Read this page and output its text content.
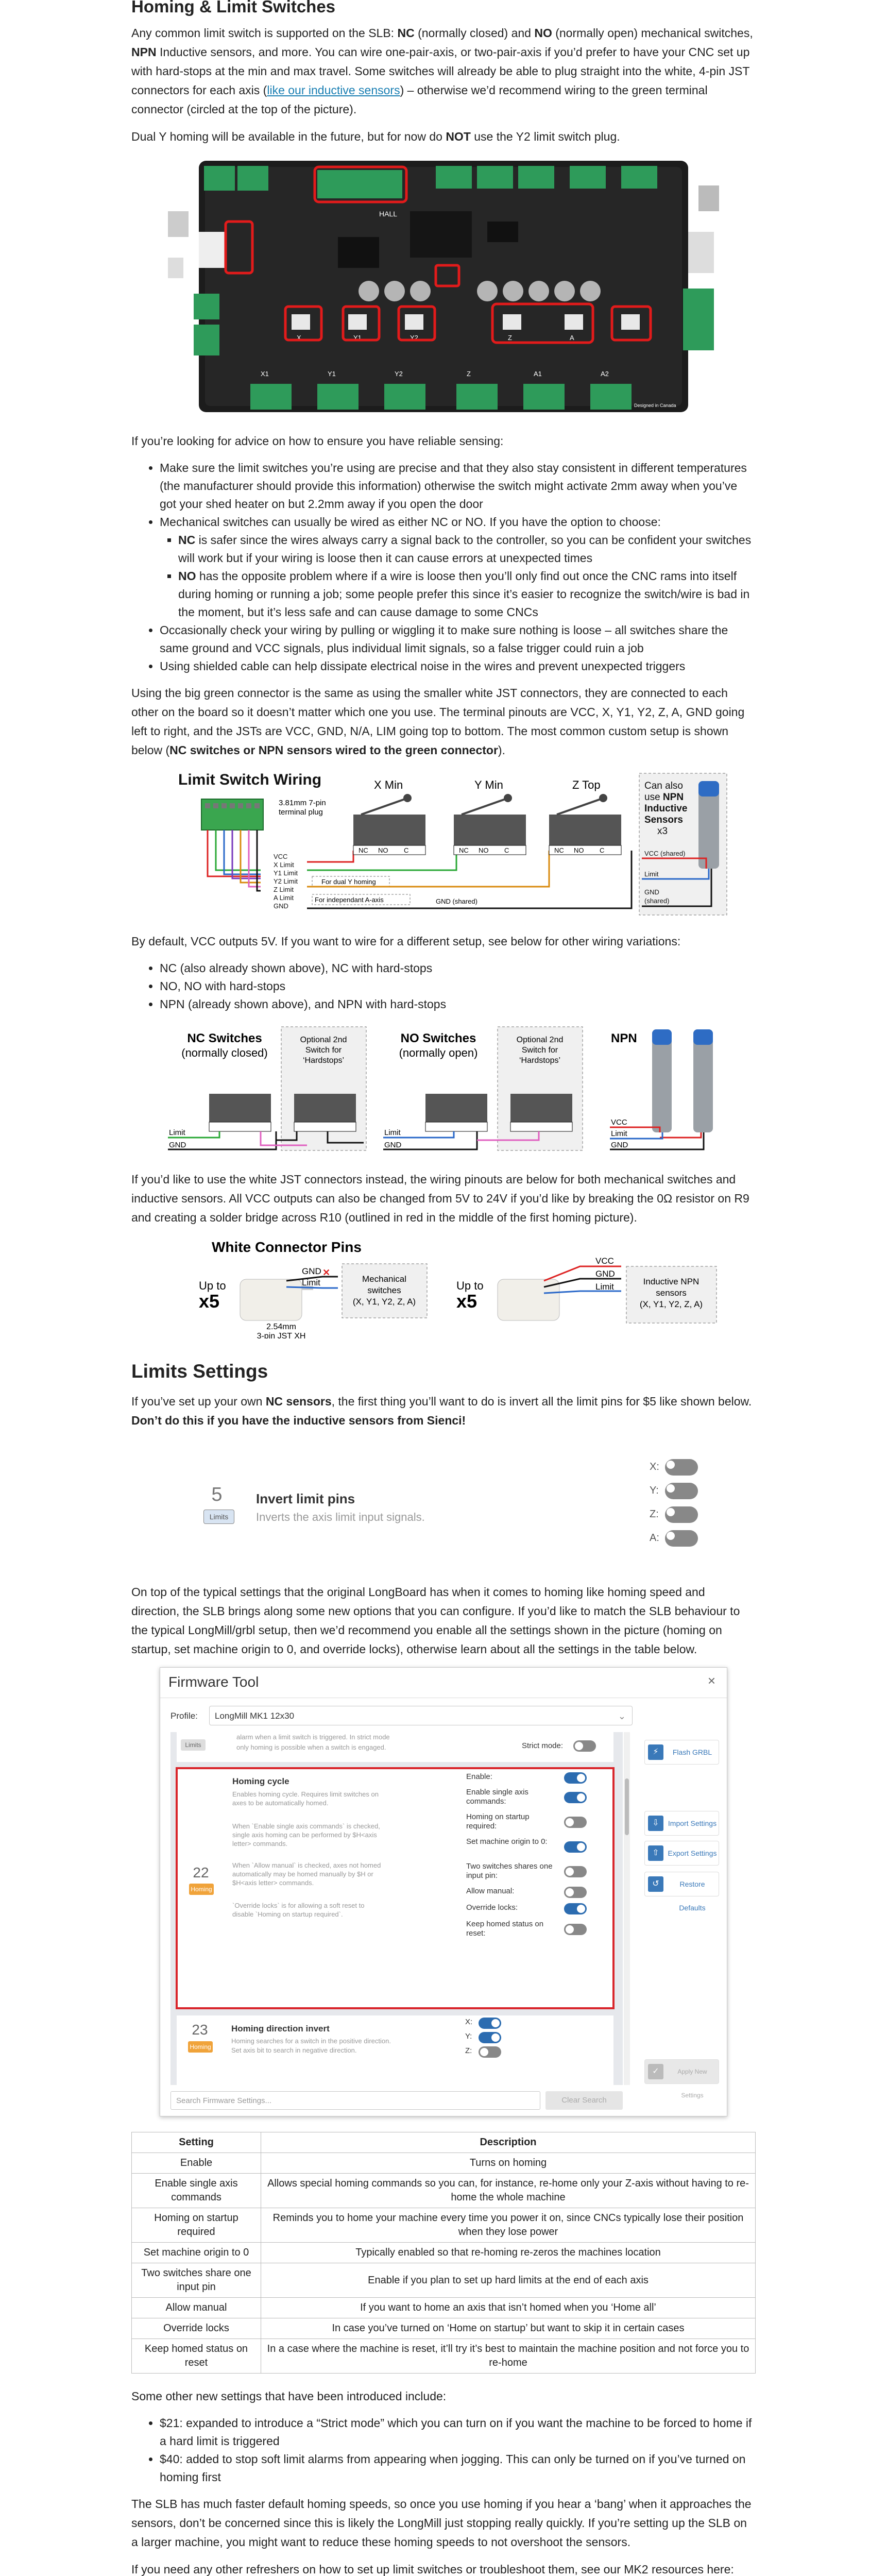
Homing & Limit Switches

Any common limit switch is supported on the SLB: NC (normally closed) and NO (normally open) mechanical switches, NPN Inductive sensors, and more. You can wire one-pair-axis, or two-pair-axis if you’d prefer to have your CNC set up with hard-stops at the min and max travel. Some switches will already be able to plug straight into the white, 4-pin JST connectors for each axis (like our inductive sensors) – otherwise we’d recommend wiring to the green terminal connector (circled at the top of the picture).

Dual Y homing will be available in the future, but for now do NOT use the Y2 limit switch plug.

HALL
X1	Y1	Y2	Z	A1	A2
X	Y1	Y2	Z	A
Designed in Canada

If you’re looking for advice on how to ensure you have reliable sensing:

• Make sure the limit switches you’re using are precise and that they also stay consistent in different temperatures (the manufacturer should provide this information) otherwise the switch might activate 2mm away when you’ve got your shed heater on but 2.2mm away if you open the door
• Mechanical switches can usually be wired as either NC or NO. If you have the option to choose:
▪ NC is safer since the wires always carry a signal back to the controller, so you can be confident your switches will work but if your wiring is loose then it can cause errors at unexpected times
▪ NO has the opposite problem where if a wire is loose then you’ll only find out once the CNC rams into itself during homing or running a job; some people prefer this since it’s easier to recognize the switch/wire is bad in the moment, but it’s less safe and can cause damage to some CNCs
• Occasionally check your wiring by pulling or wiggling it to make sure nothing is loose – all switches share the same ground and VCC signals, plus individual limit signals, so a false trigger could ruin a job
• Using shielded cable can help dissipate electrical noise in the wires and prevent unexpected triggers

Using the big green connector is the same as using the smaller white JST connectors, they are connected to each other on the board so it doesn’t matter which one you use. The terminal pinouts are VCC, X, Y1, Y2, Z, A, GND going left to right, and the JSTs are VCC, GND, N/A, LIM going top to bottom. The most common custom setup is shown below (NC switches or NPN sensors wired to the green connector).

Limit Switch Wiring
3.81mm 7-pin
terminal plug
VCC
X Limit
Y1 Limit
Y2 Limit
Z Limit
A Limit
GND
For dual Y homing
For independant A-axis	GND (shared)
X Min
NC NO C
Y Min
NC NO C
Z Top
NC NO C
Can also
use NPN
Inductive
Sensors
x3
VCC (shared)
Limit
GND
(shared)

By default, VCC outputs 5V. If you want to wire for a different setup, see below for other wiring variations:

• NC (also already shown above), NC with hard-stops
• NO, NO with hard-stops
• NPN (already shown above), and NPN with hard-stops
NC Switches
(normally closed)
Optional 2nd
Switch for
‘Hardstops’
Limit
GND
NO Switches
(normally open)
Optional 2nd
Switch for
‘Hardstops’
Limit
GND
NPN
VCC
Limit
GND

If you’d like to use the white JST connectors instead, the wiring pinouts are below for both mechanical switches and inductive sensors. All VCC outputs can also be changed from 5V to 24V if you’d like by breaking the 0Ω resistor on R9 and creating a solder bridge across R10 (outlined in red in the middle of the first homing picture).

White Connector Pins
Up to
x5
GND
Limit
✕
2.54mm
3-pin JST XH
Mechanical
switches
(X, Y1, Y2, Z, A)
Up to
x5
VCC
GND
Limit
Inductive NPN
sensors
(X, Y1, Y2, Z, A)
Limits Settings

If you’ve set up your own NC sensors, the first thing you’ll want to do is invert all the limit pins for $5 like shown below. Don’t do this if you have the inductive sensors from Sienci!

5
Limits
Invert limit pins
Inverts the axis limit input signals.
X:
Y:
Z:
A:

On top of the typical settings that the original LongBoard has when it comes to homing like homing speed and direction, the SLB brings along some new options that you can configure. If you’d like to match the SLB behaviour to the typical LongMill/grbl setup, then we’d recommend you enable all the settings shown in the picture (homing on startup, set machine origin to 0, and override locks), otherwise learn about all the settings in the table below.

Firmware Tool	×
Profile:	LongMill MK1 12x30	⌄
Limits
alarm when a limit switch is triggered. In strict mode
only homing is possible when a switch is engaged.	Strict mode:
22
Homing
Homing cycle
Enables homing cycle. Requires limit switches on axes to be automatically homed.
When `Enable single axis commands` is checked, single axis homing can be performed by $H<axis letter> commands.
When `Allow manual` is checked, axes not homed automatically may be homed manually by $H or $H<axis letter> commands.
`Override locks` is for allowing a soft reset to disable `Homing on startup required`.
Enable:
Enable single axis commands:
Homing on startup required:
Set machine origin to 0:
Two switches shares one input pin:
Allow manual:
Override locks:
Keep homed status on reset:
23
Homing
Homing direction invert
Homing searches for a switch in the positive direction.
Set axis bit to search in negative direction.
X:
Y:
Z:
⚡	Flash GRBL
⇩	Import Settings
⇧	Export Settings
↺	Restore Defaults
✓	Apply New Settings
Search Firmware Settings...	Clear Search
Setting	Description
Enable	Turns on homing
Enable single axis commands	Allows special homing commands so you can, for instance, re-home only your Z-axis without having to re-home the whole machine
Homing on startup required	Reminds you to home your machine every time you power it on, since CNCs typically lose their position when they lose power
Set machine origin to 0	Typically enabled so that re-homing re-zeros the machines location
Two switches share one input pin	Enable if you plan to set up hard limits at the end of each axis
Allow manual	If you want to home an axis that isn’t homed when you ‘Home all’
Override locks	In case you’ve turned on ‘Home on startup’ but want to skip it in certain cases
Keep homed status on reset	In a case where the machine is reset, it’ll try it’s best to maintain the machine position and not force you to re-home

Some other new settings that have been introduced include:

• $21: expanded to introduce a “Strict mode” which you can turn on if you want the machine to be forced to home if a hard limit is triggered
• $40: added to stop soft limit alarms from appearing when jogging. This can only be turned on if you’ve turned on homing first

The SLB has much faster default homing speeds, so once you use homing if you hear a ‘bang’ when it approaches the sensors, don’t be concerned since this is likely the LongMill just stopping really quickly. If you’re setting up the SLB on a larger machine, you might want to reduce these homing speeds to not overshoot the sensors.

If you need any other refreshers on how to set up limit switches or troubleshoot them, see our MK2 resources here:
